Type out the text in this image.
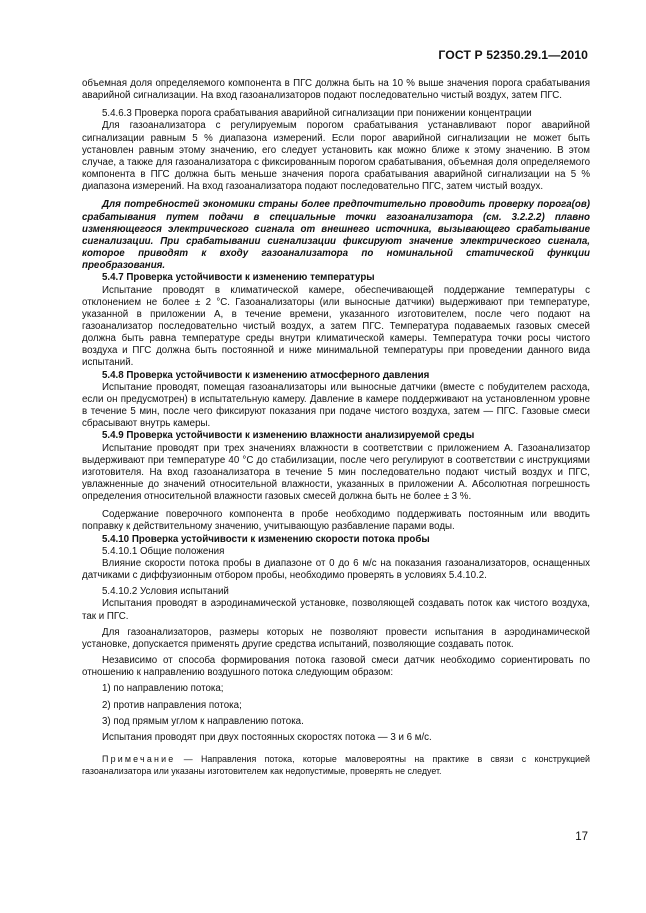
ГОСТ Р 52350.29.1—2010

объемная доля определяемого компонента в ПГС должна быть на 10 % выше значения порога срабатывания аварийной сигнализации. На вход газоанализаторов подают последовательно чистый воздух, затем ПГС.

5.4.6.3 Проверка порога срабатывания аварийной сигнализации при понижении концентрации

Для газоанализатора с регулируемым порогом срабатывания устанавливают порог аварийной сигнализации равным 5 % диапазона измерений. Если порог аварийной сигнализации не может быть установлен равным этому значению, его следует установить как можно ближе к этому значению. В этом случае, а также для газоанализатора с фиксированным порогом срабатывания, объемная доля определяемого компонента в ПГС должна быть меньше значения порога срабатывания аварийной сигнализации на 5 % диапазона измерений. На вход газоанализатора подают последовательно ПГС, затем чистый воздух.

Для потребностей экономики страны более предпочтительно проводить проверку порога(ов) срабатывания путем подачи в специальные точки газоанализатора (см. 3.2.2.2) плавно изменяющегося электрического сигнала от внешнего источника, вызывающего срабатывание сигнализации. При срабатывании сигнализации фиксируют значение электрического сигнала, которое приводят к входу газоанализатора по номинальной статической функции преобразования.

5.4.7 Проверка устойчивости к изменению температуры

Испытание проводят в климатической камере, обеспечивающей поддержание температуры с отклонением не более ± 2 °С. Газоанализаторы (или выносные датчики) выдерживают при температуре, указанной в приложении А, в течение времени, указанного изготовителем, после чего подают на газоанализатор последовательно чистый воздух, а затем ПГС. Температура подаваемых газовых смесей должна быть равна температуре среды внутри климатической камеры. Температура точки росы чистого воздуха и ПГС должна быть постоянной и ниже минимальной температуры при проведении данного вида испытаний.

5.4.8 Проверка устойчивости к изменению атмосферного давления

Испытание проводят, помещая газоанализаторы или выносные датчики (вместе с побудителем расхода, если он предусмотрен) в испытательную камеру. Давление в камере поддерживают на установленном уровне в течение 5 мин, после чего фиксируют показания при подаче чистого воздуха, затем — ПГС. Газовые смеси сбрасывают внутрь камеры.

5.4.9 Проверка устойчивости к изменению влажности анализируемой среды

Испытание проводят при трех значениях влажности в соответствии с приложением А. Газоанализатор выдерживают при температуре 40 °С до стабилизации, после чего регулируют в соответствии с инструкциями изготовителя. На вход газоанализатора в течение 5 мин последовательно подают чистый воздух и ПГС, увлажненные до значений относительной влажности, указанных в приложении А. Абсолютная погрешность определения относительной влажности газовых смесей должна быть не более ± 3 %.

Содержание поверочного компонента в пробе необходимо поддерживать постоянным или вводить поправку к действительному значению, учитывающую разбавление парами воды.

5.4.10 Проверка устойчивости к изменению скорости потока пробы

5.4.10.1 Общие положения

Влияние скорости потока пробы в диапазоне от 0 до 6 м/с на показания газоанализаторов, оснащенных датчиками с диффузионным отбором пробы, необходимо проверять в условиях 5.4.10.2.

5.4.10.2 Условия испытаний

Испытания проводят в аэродинамической установке, позволяющей создавать поток как чистого воздуха, так и ПГС.

Для газоанализаторов, размеры которых не позволяют провести испытания в аэродинамической установке, допускается применять другие средства испытаний, позволяющие создавать поток.

Независимо от способа формирования потока газовой смеси датчик необходимо сориентировать по отношению к направлению воздушного потока следующим образом:

1) по направлению потока;

2) против направления потока;

3) под прямым углом к направлению потока.

Испытания проводят при двух постоянных скоростях потока — 3 и 6 м/с.

Примечание — Направления потока, которые маловероятны на практике в связи с конструкцией газоанализатора или указаны изготовителем как недопустимые, проверять не следует.

17
